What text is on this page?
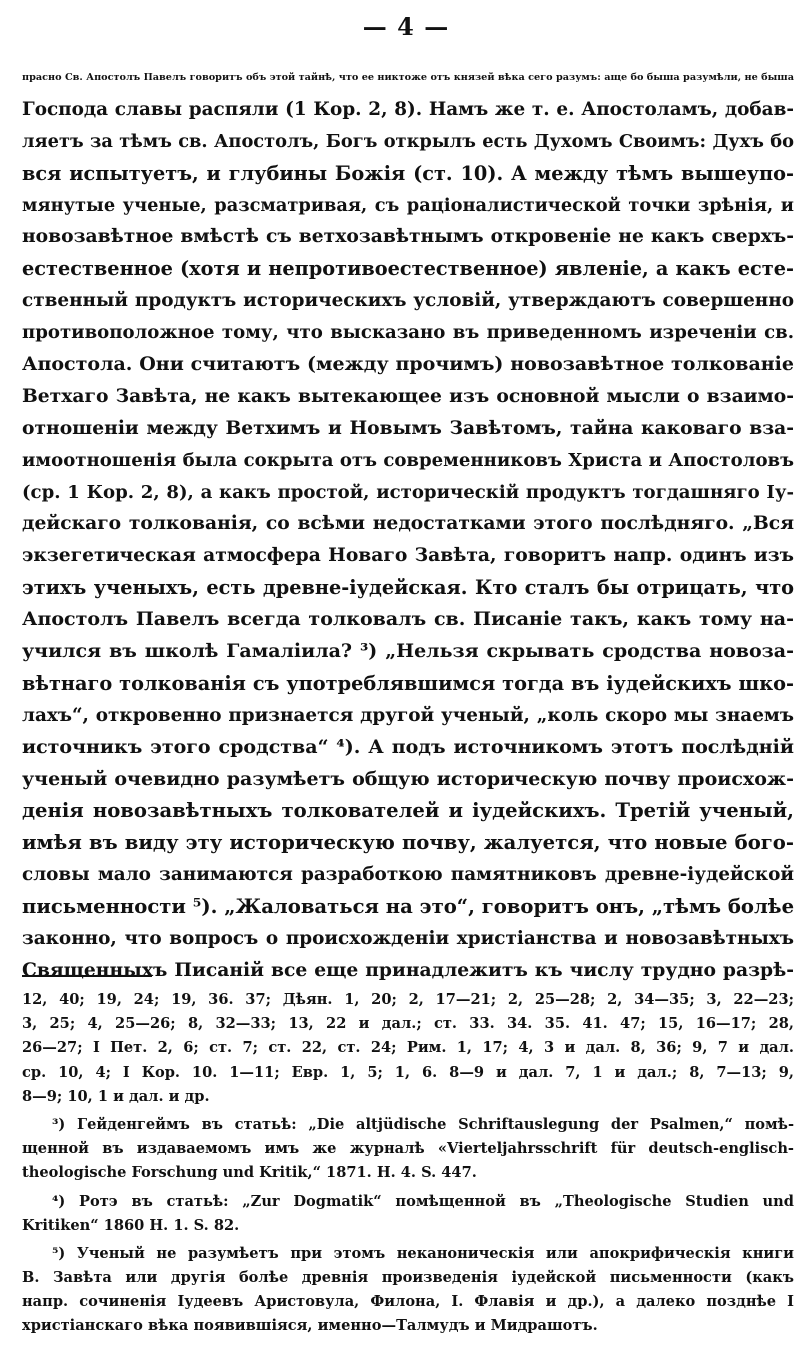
— 4 —
прасно Св. Апостолъ Павелъ говоритъ объ этой тайнѣ, что ее никтоже отъ князей вѣка сего разумъ: аще бо быша разумѣли, не быша
Господа славы распяли (1 Кор. 2, 8). Намъ же т. е. Апостоламъ, добав-
ляетъ за тѣмъ св. Апостолъ, Богъ открылъ есть Духомъ Своимъ: Духъ бо
вся испытуетъ, и глубины Божія (ст. 10). А между тѣмъ вышеупо-
мянутые ученые, разсматривая, съ раціоналистической точки зрѣнія, и
новозавѣтное вмѣстѣ съ ветхозавѣтнымъ откровеніе не какъ сверхъ-
естественное (хотя и непротивоестественное) явленіе, а какъ есте-
ственный продуктъ историческихъ условій, утверждаютъ совершенно
противоположное тому, что высказано въ приведенномъ изреченіи св.
Апостола. Они считаютъ (между прочимъ) новозавѣтное толкованіе
Ветхаго Завѣта, не какъ вытекающее изъ основной мысли о взаимо-
отношеніи между Ветхимъ и Новымъ Завѣтомъ, тайна каковаго вза-
имоотношенія была сокрыта отъ современниковъ Христа и Апостоловъ
(ср. 1 Кор. 2, 8), а какъ простой, историческій продуктъ тогдашняго Іу-
дейскаго толкованія, со всѣми недостатками этого послѣдняго. „Вся
экзегетическая атмосфера Новаго Завѣта, говоритъ напр. одинъ изъ
этихъ ученыхъ, есть древне-іудейская. Кто сталъ бы отрицать, что
Апостолъ Павелъ всегда толковалъ св. Писаніе такъ, какъ тому на-
учился въ школѣ Гамаліила? ³) „Нельзя скрывать сродства новоза-
вѣтнаго толкованія съ употреблявшимся тогда въ іудейскихъ шко-
лахъ“, откровенно признается другой ученый, „коль скоро мы знаемъ
источникъ этого сродства“ ⁴). А подъ источникомъ этотъ послѣдній
ученый очевидно разумѣетъ общую историческую почву происхож-
денія новозавѣтныхъ толкователей и іудейскихъ. Третій ученый,
имѣя въ виду эту историческую почву, жалуется, что новые бого-
словы мало занимаются разработкою памятниковъ древне-іудейской
письменности ⁵). „Жаловаться на это“, говоритъ онъ, „тѣмъ болѣе
законно, что вопросъ о происхожденіи христіанства и новозавѣтныхъ
Священныхъ Писаній все еще принадлежитъ къ числу трудно разрѣ-
12, 40; 19, 24; 19, 36. 37; Дѣян. 1, 20; 2, 17—21; 2, 25—28; 2, 34—35; 3, 22—23;
3, 25; 4, 25—26; 8, 32—33; 13, 22 и дал.; ст. 33. 34. 35. 41. 47; 15, 16—17; 28,
26—27; I Пет. 2, 6; ст. 7; ст. 22, ст. 24; Рим. 1, 17; 4, 3 и дал. 8, 36; 9, 7 и дал.
ср. 10, 4; I Кор. 10. 1—11; Евр. 1, 5; 1, 6. 8—9 и дал. 7, 1 и дал.; 8, 7—13; 9,
8—9; 10, 1 и дал. и др.
³) Гейденгеймъ въ статьѣ: „Die altjüdische Schriftauslegung der Psalmen,“ помѣ-
щенной въ издаваемомъ имъ же журналѣ «Vierteljahrsschrift für deutsch-englisch-
theologische Forschung und Kritik,“ 1871. H. 4. S. 447.
⁴) Ротэ въ статьѣ: „Zur Dogmatik“ помѣщенной въ „Theologische Studien und
Kritiken“ 1860 H. 1. S. 82.
⁵) Ученый не разумѣетъ при этомъ неканоническія или апокрифическія книги
В. Завѣта или другія болѣе древнія произведенія іудейской письменности (какъ
напр. сочиненія Іудеевъ Аристовула, Филона, І. Флавія и др.), а далеко позднѣе I
христіанскаго вѣка появившіяся, именно—Талмудъ и Мидрашотъ.
